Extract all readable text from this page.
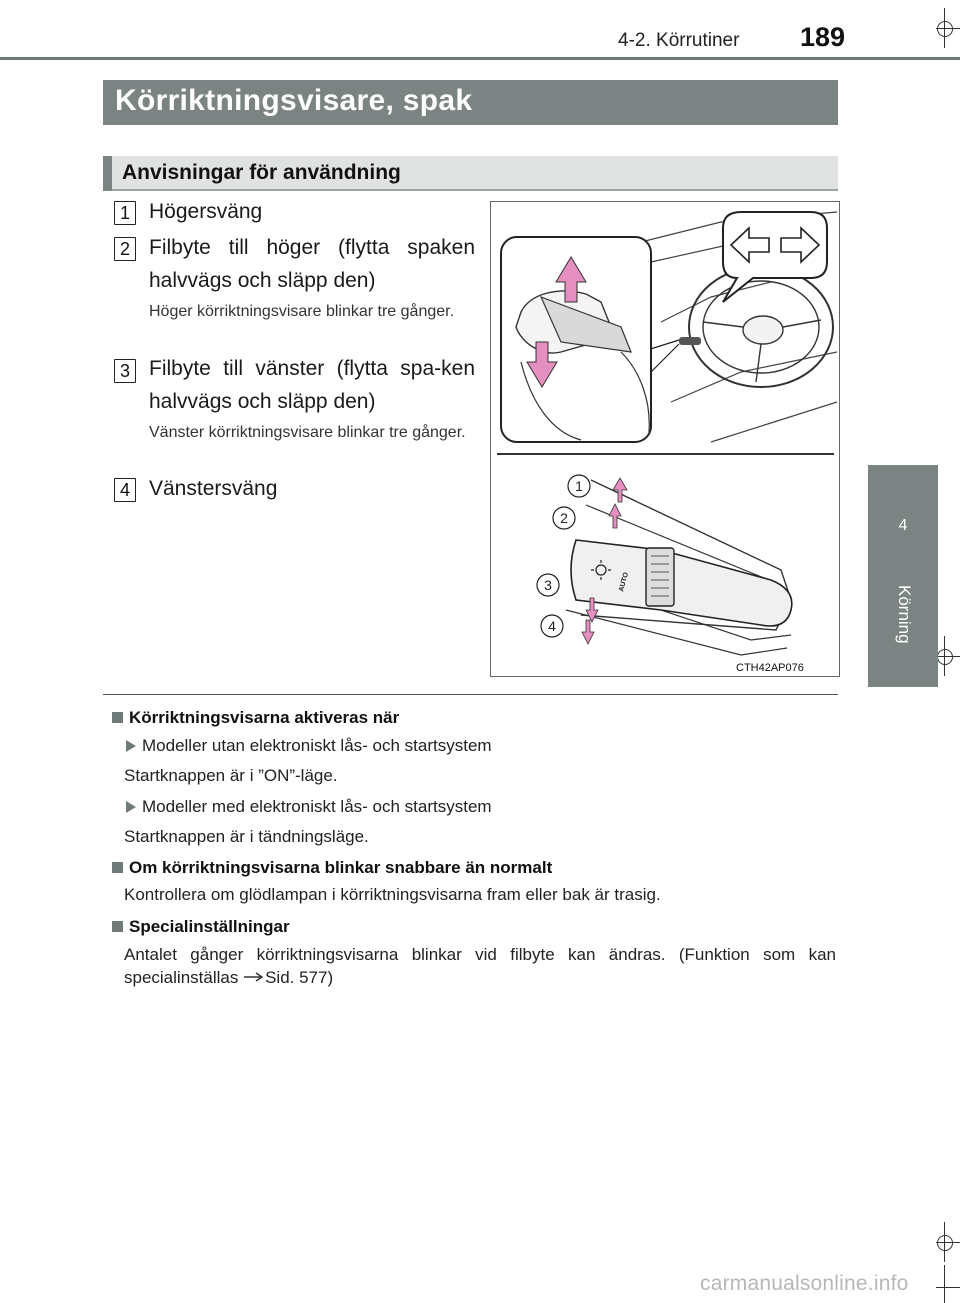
4-2. Körrutiner 189
4
Körning
Körriktningsvisare, spak
Anvisningar för användning
1 Högersväng
2 Filbyte till höger (flytta spaken halvvägs och släpp den)
Höger körriktningsvisare blinkar tre gånger.
3 Filbyte till vänster (flytta spa-ken halvvägs och släpp den)
Vänster körriktningsvisare blinkar tre gånger.
4 Vänstersväng
AUTO
1
2
3
4
CTH42AP076
Körriktningsvisarna aktiveras när
Modeller utan elektroniskt lås- och startsystem
Startknappen är i ”ON”-läge.
Modeller med elektroniskt lås- och startsystem
Startknappen är i tändningsläge.
Om körriktningsvisarna blinkar snabbare än normalt
Kontrollera om glödlampan i körriktningsvisarna fram eller bak är trasig.
Specialinställningar
Antalet gånger körriktningsvisarna blinkar vid filbyte kan ändras. (Funktion som kan specialinställas Sid. 577)
carmanualsonline.info
